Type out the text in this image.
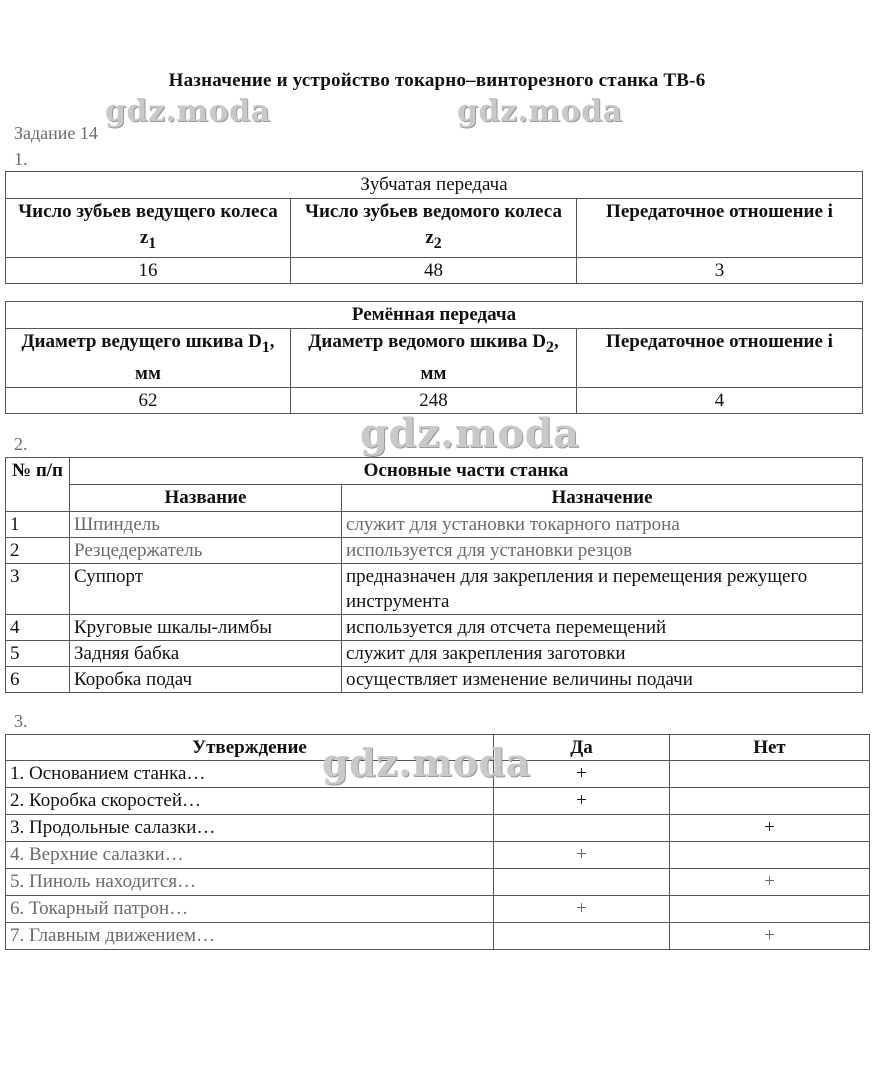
Назначение и устройство токарно–винторезного станка ТВ-6
gdz.moda	gdz.moda
Задание 14
1.
Зубчатая передача		
Число зубьев ведущего колеса $z_1$	Число зубьев ведомого колеса $z_2$	Передаточное отношение i
16	48	3
Ремённая передача		
Диаметр ведущего шкива $D_1$, мм	Диаметр ведомого шкива $D_2$, мм	Передаточное отношение i
62	248	4
2.	gdz.moda
№ п/п	Основные части станка	
	Название	Назначение
1	Шпиндель	служит для установки токарного патрона
2	Резцедержатель	используется для установки резцов
3	Суппорт	предназначен для закрепления и перемещения режущего инструмента
4	Круговые шкалы-лимбы	используется для отсчета перемещений
5	Задняя бабка	служит для закрепления заготовки
6	Коробка подач	осуществляет изменение величины подачи
3.
Утверждение	Да	Нет
1. Основанием станка…	+	
2. Коробка скоростей…	+	
3. Продольные салазки…		+
4. Верхние салазки…	+	
5. Пиноль находится…		+
6. Токарный патрон…	+	
7. Главным движением…		+
gdz.moda
